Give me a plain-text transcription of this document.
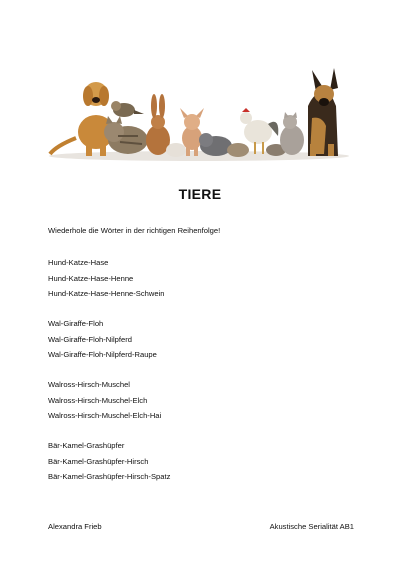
TIERE
Wiederhole die Wörter in der richtigen Reihenfolge!
Hund-Katze-Hase
Hund-Katze-Hase-Henne
Hund-Katze-Hase-Henne-Schwein
Wal-Giraffe-Floh
Wal-Giraffe-Floh-Nilpferd
Wal-Giraffe-Floh-Nilpferd-Raupe
Walross-Hirsch-Muschel
Walross-Hirsch-Muschel-Elch
Walross-Hirsch-Muschel-Elch-Hai
Bär-Kamel-Grashüpfer
Bär-Kamel-Grashüpfer-Hirsch
Bär-Kamel-Grashüpfer-Hirsch-Spatz
Alexandra Frieb	Akustische Serialität AB1
